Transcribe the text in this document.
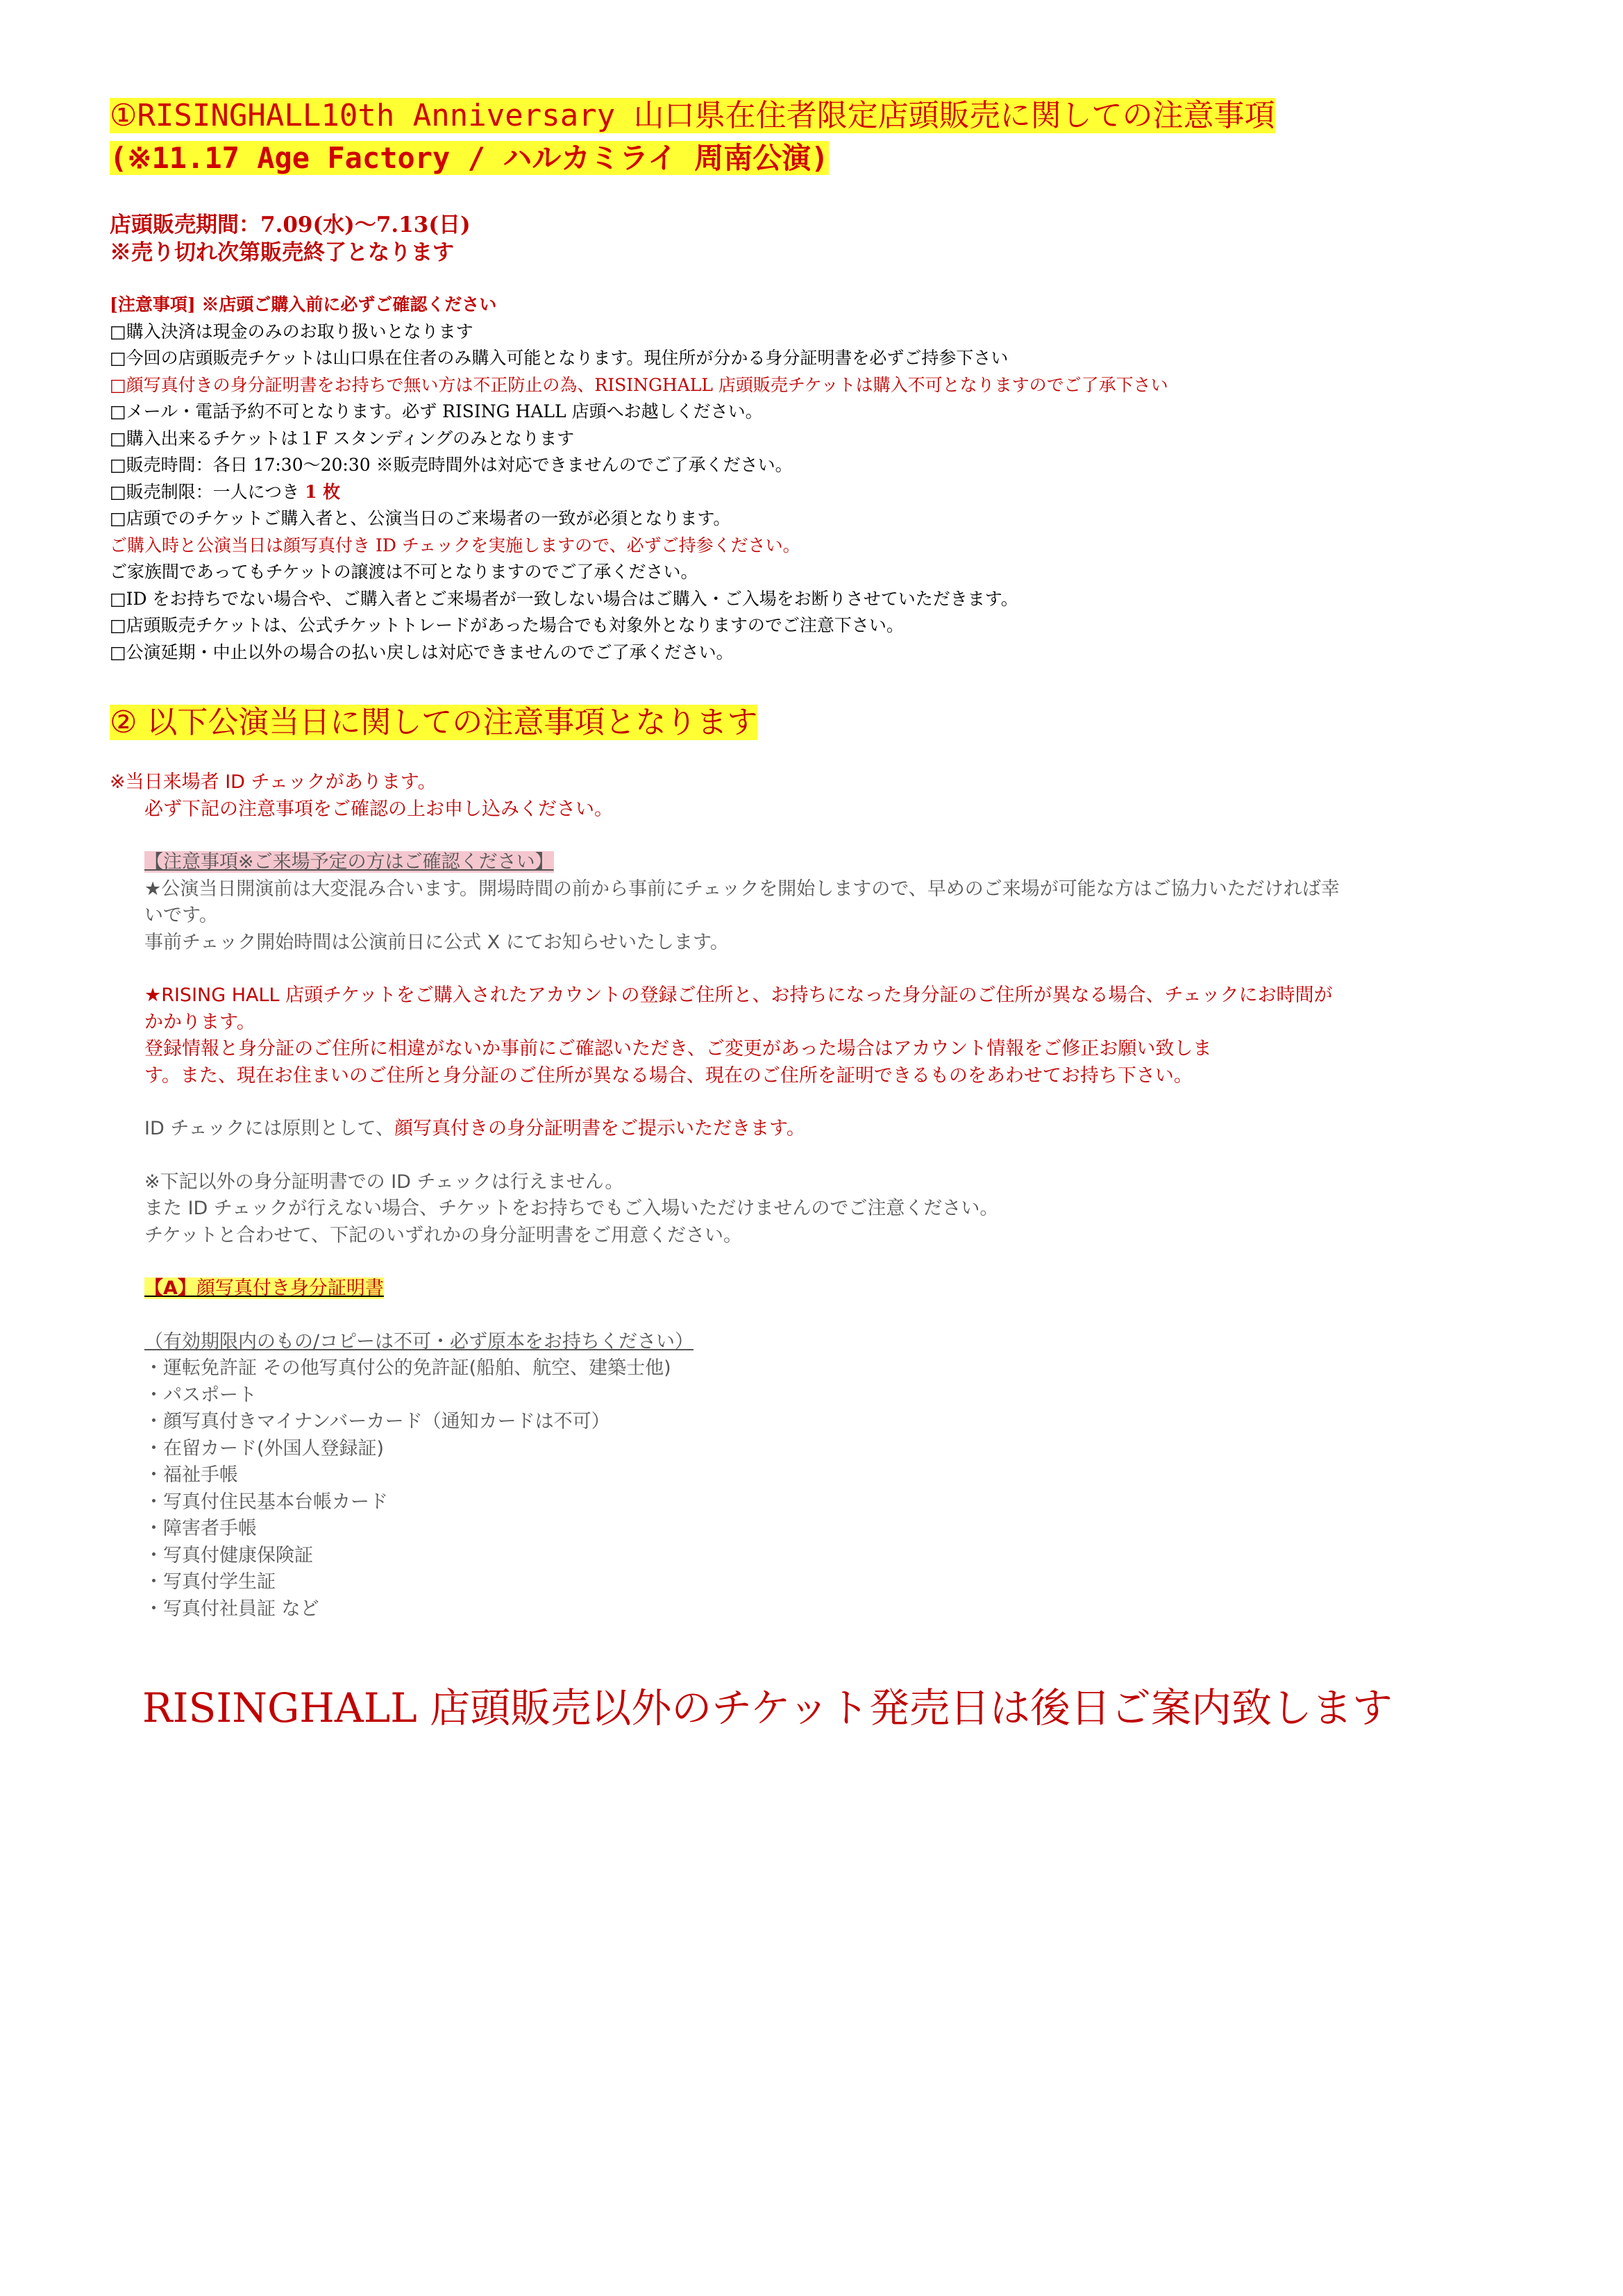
①RISINGHALL10th Anniversary 山口県在住者限定店頭販売に関しての注意事項
(※11.17 Age Factory / ハルカミライ 周南公演)
店頭販売期間：7.09(水)〜7.13(日)
※売り切れ次第販売終了となります
[注意事項] ※店頭ご購入前に必ずご確認ください
□購入決済は現金のみのお取り扱いとなります
□今回の店頭販売チケットは山口県在住者のみ購入可能となります。現住所が分かる身分証明書を必ずご持参下さい
□顔写真付きの身分証明書をお持ちで無い方は不正防止の為、RISINGHALL 店頭販売チケットは購入不可となりますのでご了承下さい
□メール・電話予約不可となります。必ず RISING HALL 店頭へお越しください。
□購入出来るチケットは１F スタンディングのみとなります
□販売時間：各日 17:30〜20:30 ※販売時間外は対応できませんのでご了承ください。
□販売制限：一人につき 1 枚
□店頭でのチケットご購入者と、公演当日のご来場者の一致が必須となります。
ご購入時と公演当日は顔写真付き ID チェックを実施しますので、必ずご持参ください。
ご家族間であってもチケットの譲渡は不可となりますのでご了承ください。
□ID をお持ちでない場合や、ご購入者とご来場者が一致しない場合はご購入・ご入場をお断りさせていただきます。
□店頭販売チケットは、公式チケットトレードがあった場合でも対象外となりますのでご注意下さい。
□公演延期・中止以外の場合の払い戻しは対応できませんのでご了承ください。
② 以下公演当日に関しての注意事項となります
※当日来場者 ID チェックがあります。
必ず下記の注意事項をご確認の上お申し込みください。
【注意事項※ご来場予定の方はご確認ください】
★公演当日開演前は大変混み合います。開場時間の前から事前にチェックを開始しますので、早めのご来場が可能な方はご協力いただければ幸
いです。
事前チェック開始時間は公演前日に公式 X にてお知らせいたします。
★RISING HALL 店頭チケットをご購入されたアカウントの登録ご住所と、お持ちになった身分証のご住所が異なる場合、チェックにお時間が
かかります。
登録情報と身分証のご住所に相違がないか事前にご確認いただき、ご変更があった場合はアカウント情報をご修正お願い致しま
す。また、現在お住まいのご住所と身分証のご住所が異なる場合、現在のご住所を証明できるものをあわせてお持ち下さい。
ID チェックには原則として、顔写真付きの身分証明書をご提示いただきます。
※下記以外の身分証明書での ID チェックは行えません。
また ID チェックが行えない場合、チケットをお持ちでもご入場いただけませんのでご注意ください。
チケットと合わせて、下記のいずれかの身分証明書をご用意ください。
【A】顔写真付き身分証明書
（有効期限内のもの/コピーは不可・必ず原本をお持ちください）
・運転免許証 その他写真付公的免許証(船舶、航空、建築士他)
・パスポート
・顔写真付きマイナンバーカード（通知カードは不可）
・在留カード(外国人登録証)
・福祉手帳
・写真付住民基本台帳カード
・障害者手帳
・写真付健康保険証
・写真付学生証
・写真付社員証 など
RISINGHALL 店頭販売以外のチケット発売日は後日ご案内致します
